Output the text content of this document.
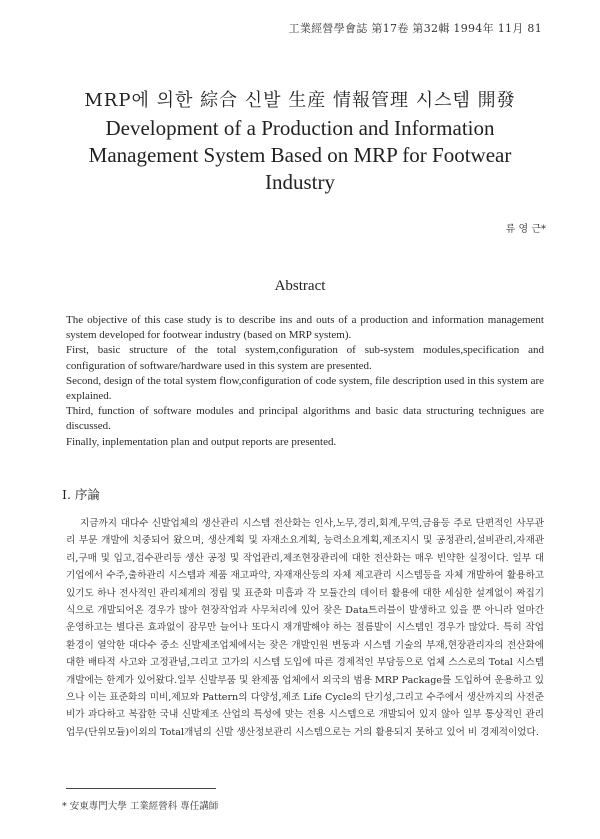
工業經營學會誌 第17卷 第32輯 1994年 11月 81
MRP에 의한 綜合 신발 生産 情報管理 시스템 開發
Development of a Production and Information Management System Based on MRP for Footwear Industry
류 영 근*
Abstract

The objective of this case study is to describe ins and outs of a production and information management system developed for footwear industry (based on MRP system).

First, basic structure of the total system,configuration of sub-system modules,specification and configuration of software/hardware used in this system are presented.

Second, design of the total system flow,configuration of code system, file description used in this system are explained.

Third, function of software modules and principal algorithms and basic data structuring technigues are discussed.

Finally, inplementation plan and output reports are presented.

Ⅰ. 序論
지금까지 대다수 신발업체의 생산관리 시스템 전산화는 인사,노무,경리,회계,무역,금융등 주로 단편적인 사무관리 부문 개발에 치중되어 왔으며, 생산계획 및 자재소요계획, 능력소요계획,제조지시 및 공정관리,설비관리,자재관리,구매 및 입고,검수관리등 생산 공정 및 작업관리,제조현장관리에 대한 전산화는 매우 빈약한 실정이다. 일부 대기업에서 수주,출하관리 시스템과 제품 재고파악, 자재재산등의 자체 제고관리 시스템등을 자체 개발하여 활용하고 있기도 하나 전사적인 관리체계의 정립 및 표준화 미흡과 각 모듈간의 데이터 활용에 대한 세심한 설계없이 짜집기 식으로 개발되어온 경우가 많아 현장작업과 사무처리에 있어 잦은 Data트러블이 발생하고 있을 뿐 아니라 얼마간 운영하고는 별다른 효과없이 잠무만 늘어나 또다시 재개발해야 하는 절름발이 시스템인 경우가 많았다. 특히 작업환경이 열악한 대다수 중소 신발제조업체에서는 잦은 개발인원 변동과 시스템 기술의 부재,현장관리자의 전산화에 대한 배타적 사고와 고정관념,그리고 고가의 시스템 도입에 따른 경제적인 부담등으로 업체 스스로의 Total 시스템 개발에는 한계가 있어왔다.일부 신발부품 및 완제품 업체에서 외국의 범용 MRP Package를 도입하여 운용하고 있으나 이는 표준화의 미비,제묘와 Pattern의 다양성,제조 Life Cycle의 단기성,그리고 수주에서 생산까지의 사전준비가 과다하고 복잡한 국내 신발제조 산업의 특성에 맞는 전용 시스템으로 개발되어 있지 않아 일부 통상적인 관리업무(단위모듈)이외의 Total개념의 신발 생산정보관리 시스템으로는 거의 활용되지 못하고 있어 비 경제적이었다.
* 安東專門大學 工業經營科 專任講師
